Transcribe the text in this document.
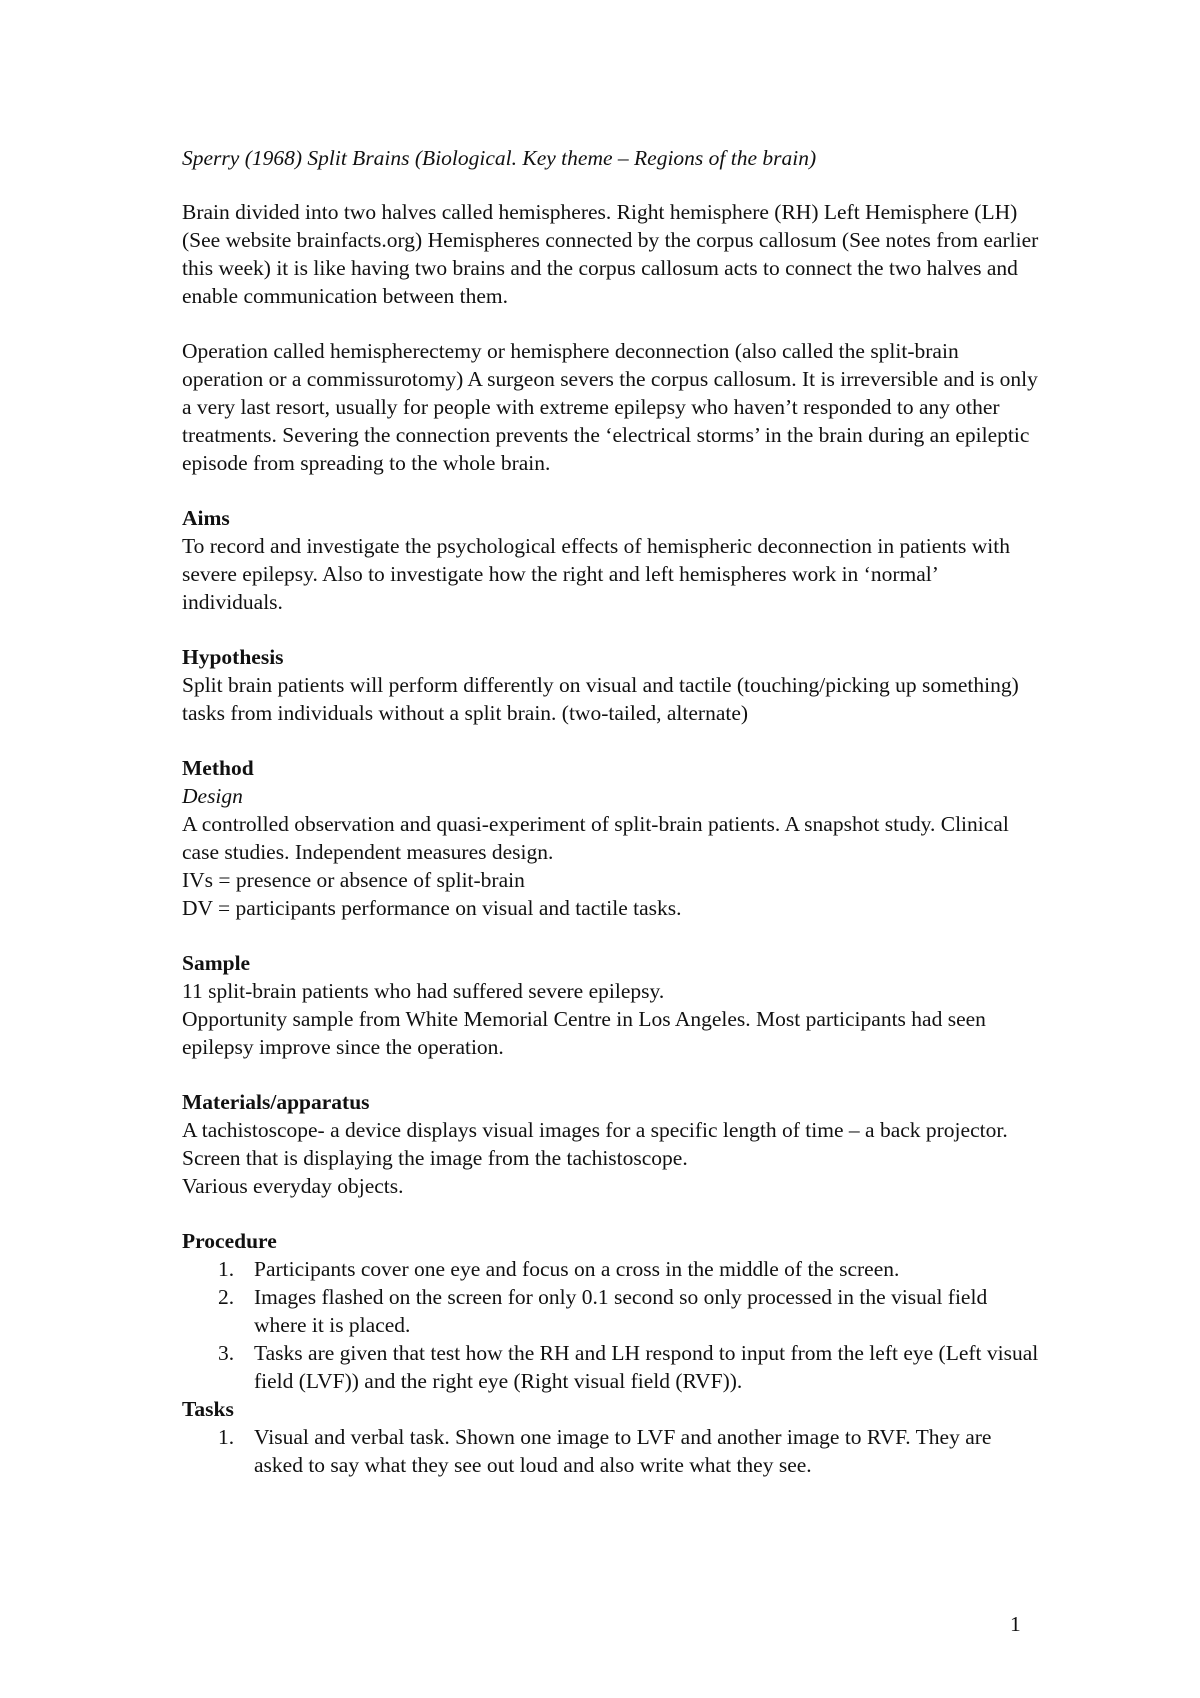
Sperry (1968) Split Brains (Biological. Key theme – Regions of the brain)

Brain divided into two halves called hemispheres. Right hemisphere (RH) Left Hemisphere (LH) (See website brainfacts.org) Hemispheres connected by the corpus callosum (See notes from earlier this week) it is like having two brains and the corpus callosum acts to connect the two halves and enable communication between them.

Operation called hemispherectemy or hemisphere deconnection (also called the split-brain operation or a commissurotomy) A surgeon severs the corpus callosum. It is irreversible and is only a very last resort, usually for people with extreme epilepsy who haven’t responded to any other treatments. Severing the connection prevents the ‘electrical storms’ in the brain during an epileptic episode from spreading to the whole brain.

Aims

To record and investigate the psychological effects of hemispheric deconnection in patients with severe epilepsy. Also to investigate how the right and left hemispheres work in ‘normal’ individuals.

Hypothesis

Split brain patients will perform differently on visual and tactile (touching/picking up something) tasks from individuals without a split brain. (two-tailed, alternate)

Method

Design

A controlled observation and quasi-experiment of split-brain patients. A snapshot study. Clinical case studies. Independent measures design.

IVs = presence or absence of split-brain

DV = participants performance on visual and tactile tasks.

Sample

11 split-brain patients who had suffered severe epilepsy.

Opportunity sample from White Memorial Centre in Los Angeles. Most participants had seen epilepsy improve since the operation.

Materials/apparatus

A tachistoscope- a device displays visual images for a specific length of time – a back projector.

Screen that is displaying the image from the tachistoscope.

Various everyday objects.

Procedure

1. Participants cover one eye and focus on a cross in the middle of the screen.
2. Images flashed on the screen for only 0.1 second so only processed in the visual field where it is placed.
3. Tasks are given that test how the RH and LH respond to input from the left eye (Left visual field (LVF)) and the right eye (Right visual field (RVF)).

Tasks

1. Visual and verbal task. Shown one image to LVF and another image to RVF. They are asked to say what they see out loud and also write what they see.
1
